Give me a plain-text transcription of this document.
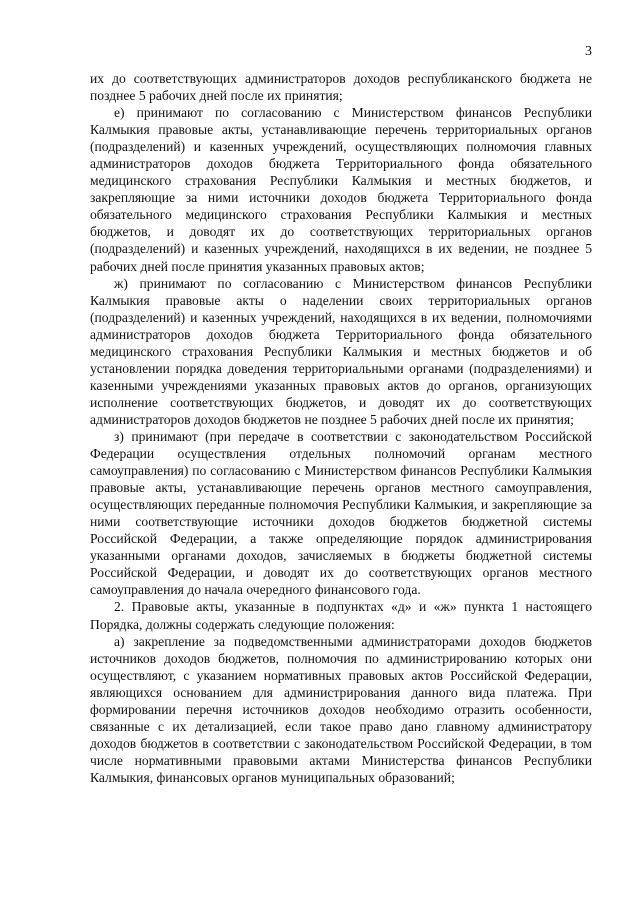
3

их до соответствующих администраторов доходов республиканского бюджета не позднее 5 рабочих дней после их принятия;

е) принимают по согласованию с Министерством финансов Республики Калмыкия правовые акты, устанавливающие перечень территориальных органов (подразделений) и казенных учреждений, осуществляющих полномочия главных администраторов доходов бюджета Территориального фонда обязательного медицинского страхования Республики Калмыкия и местных бюджетов, и закрепляющие за ними источники доходов бюджета Территориального фонда обязательного медицинского страхования Республики Калмыкия и местных бюджетов, и доводят их до соответствующих территориальных органов (подразделений) и казенных учреждений, находящихся в их ведении, не позднее 5 рабочих дней после принятия указанных правовых актов;

ж) принимают по согласованию с Министерством финансов Республики Калмыкия правовые акты о наделении своих территориальных органов (подразделений) и казенных учреждений, находящихся в их ведении, полномочиями администраторов доходов бюджета Территориального фонда обязательного медицинского страхования Республики Калмыкия и местных бюджетов и об установлении порядка доведения территориальными органами (подразделениями) и казенными учреждениями указанных правовых актов до органов, организующих исполнение соответствующих бюджетов, и доводят их до соответствующих администраторов доходов бюджетов не позднее 5 рабочих дней после их принятия;

з) принимают (при передаче в соответствии с законодательством Российской Федерации осуществления отдельных полномочий органам местного самоуправления) по согласованию с Министерством финансов Республики Калмыкия правовые акты, устанавливающие перечень органов местного самоуправления, осуществляющих переданные полномочия Республики Калмыкия, и закрепляющие за ними соответствующие источники доходов бюджетов бюджетной системы Российской Федерации, а также определяющие порядок администрирования указанными органами доходов, зачисляемых в бюджеты бюджетной системы Российской Федерации, и доводят их до соответствующих органов местного самоуправления до начала очередного финансового года.

2. Правовые акты, указанные в подпунктах «д» и «ж» пункта 1 настоящего Порядка, должны содержать следующие положения:

а) закрепление за подведомственными администраторами доходов бюджетов источников доходов бюджетов, полномочия по администрированию которых они осуществляют, с указанием нормативных правовых актов Российской Федерации, являющихся основанием для администрирования данного вида платежа. При формировании перечня источников доходов необходимо отразить особенности, связанные с их детализацией, если такое право дано главному администратору доходов бюджетов в соответствии с законодательством Российской Федерации, в том числе нормативными правовыми актами Министерства финансов Республики Калмыкия, финансовых органов муниципальных образований;
